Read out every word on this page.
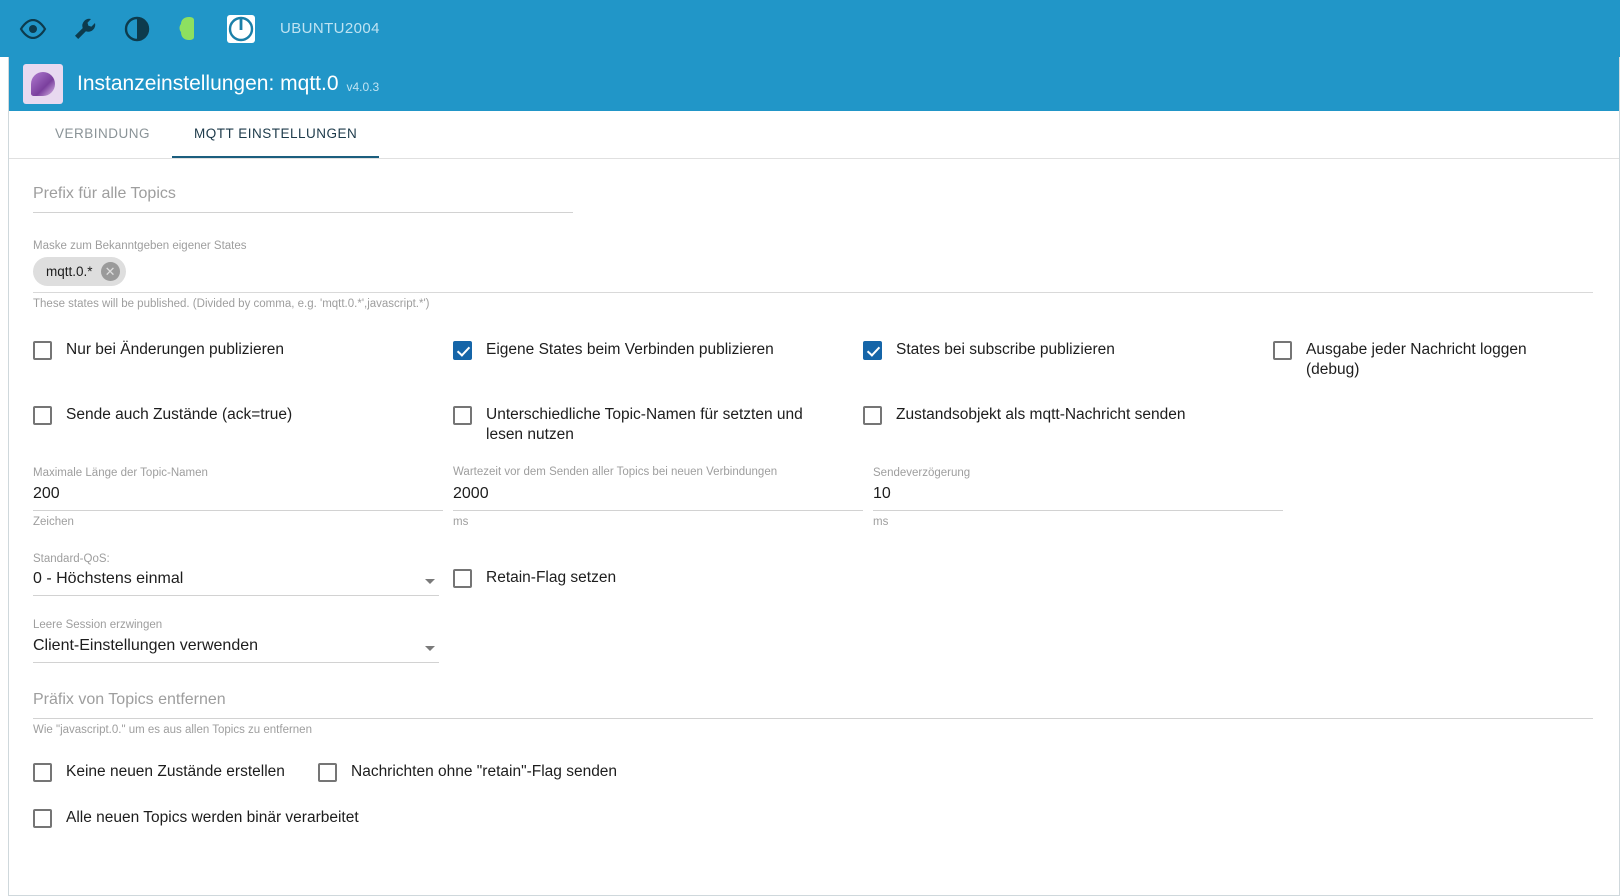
UBUNTU2004
Instanzeinstellungen: mqtt.0 v4.0.3
VERBINDUNG	MQTT EINSTELLUNGEN
Prefix für alle Topics
Maske zum Bekanntgeben eigener States
mqtt.0.* ✕
These states will be published. (Divided by comma, e.g. 'mqtt.0.*',javascript.*')
Nur bei Änderungen publizieren	Eigene States beim Verbinden publizieren	States bei subscribe publizieren	Ausgabe jeder Nachricht loggen (debug)
Sende auch Zustände (ack=true)	Unterschiedliche Topic-Namen für setzten und lesen nutzen
Zustandsobjekt als mqtt-Nachricht senden
Maximale Länge der Topic-Namen
200
Zeichen
Wartezeit vor dem Senden aller Topics bei neuen Verbindungen
2000
ms
Sendeverzögerung
10
ms
Standard-QoS:
0 - Höchstens einmal	Retain-Flag setzen
Leere Session erzwingen
Client-Einstellungen verwenden
Präfix von Topics entfernen
Wie "javascript.0." um es aus allen Topics zu entfernen
Keine neuen Zustände erstellen	Nachrichten ohne "retain"-Flag senden
Alle neuen Topics werden binär verarbeitet
